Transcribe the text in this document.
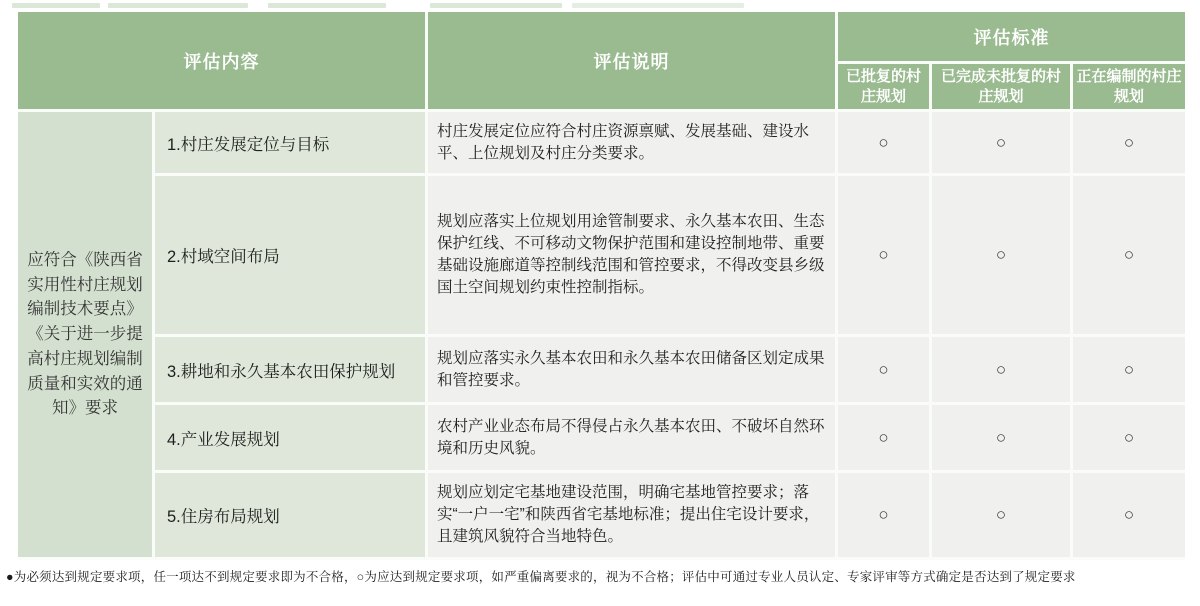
评估内容		评估说明	评估标准		
			已批复的村庄规划	已完成未批复的村庄规划	正在编制的村庄规划
应符合《陕西省实用性村庄规划编制技术要点》《关于进一步提高村庄规划编制质量和实效的通知》要求	1.村庄发展定位与目标	村庄发展定位应符合村庄资源禀赋、发展基础、建设水平、上位规划及村庄分类要求。	○	○	○
	2.村域空间布局	规划应落实上位规划用途管制要求、永久基本农田、生态保护红线、不可移动文物保护范围和建设控制地带、重要基础设施廊道等控制线范围和管控要求，不得改变县乡级国土空间规划约束性控制指标。	○	○	○
	3.耕地和永久基本农田保护规划	规划应落实永久基本农田和永久基本农田储备区划定成果和管控要求。	○	○	○
	4.产业发展规划	农村产业业态布局不得侵占永久基本农田、不破坏自然环境和历史风貌。	○	○	○
	5.住房布局规划	规划应划定宅基地建设范围，明确宅基地管控要求；落实“一户一宅”和陕西省宅基地标准；提出住宅设计要求，且建筑风貌符合当地特色。	○	○	○
●为必须达到规定要求项，任一项达不到规定要求即为不合格，○为应达到规定要求项，如严重偏离要求的，视为不合格；评估中可通过专业人员认定、专家评审等方式确定是否达到了规定要求
